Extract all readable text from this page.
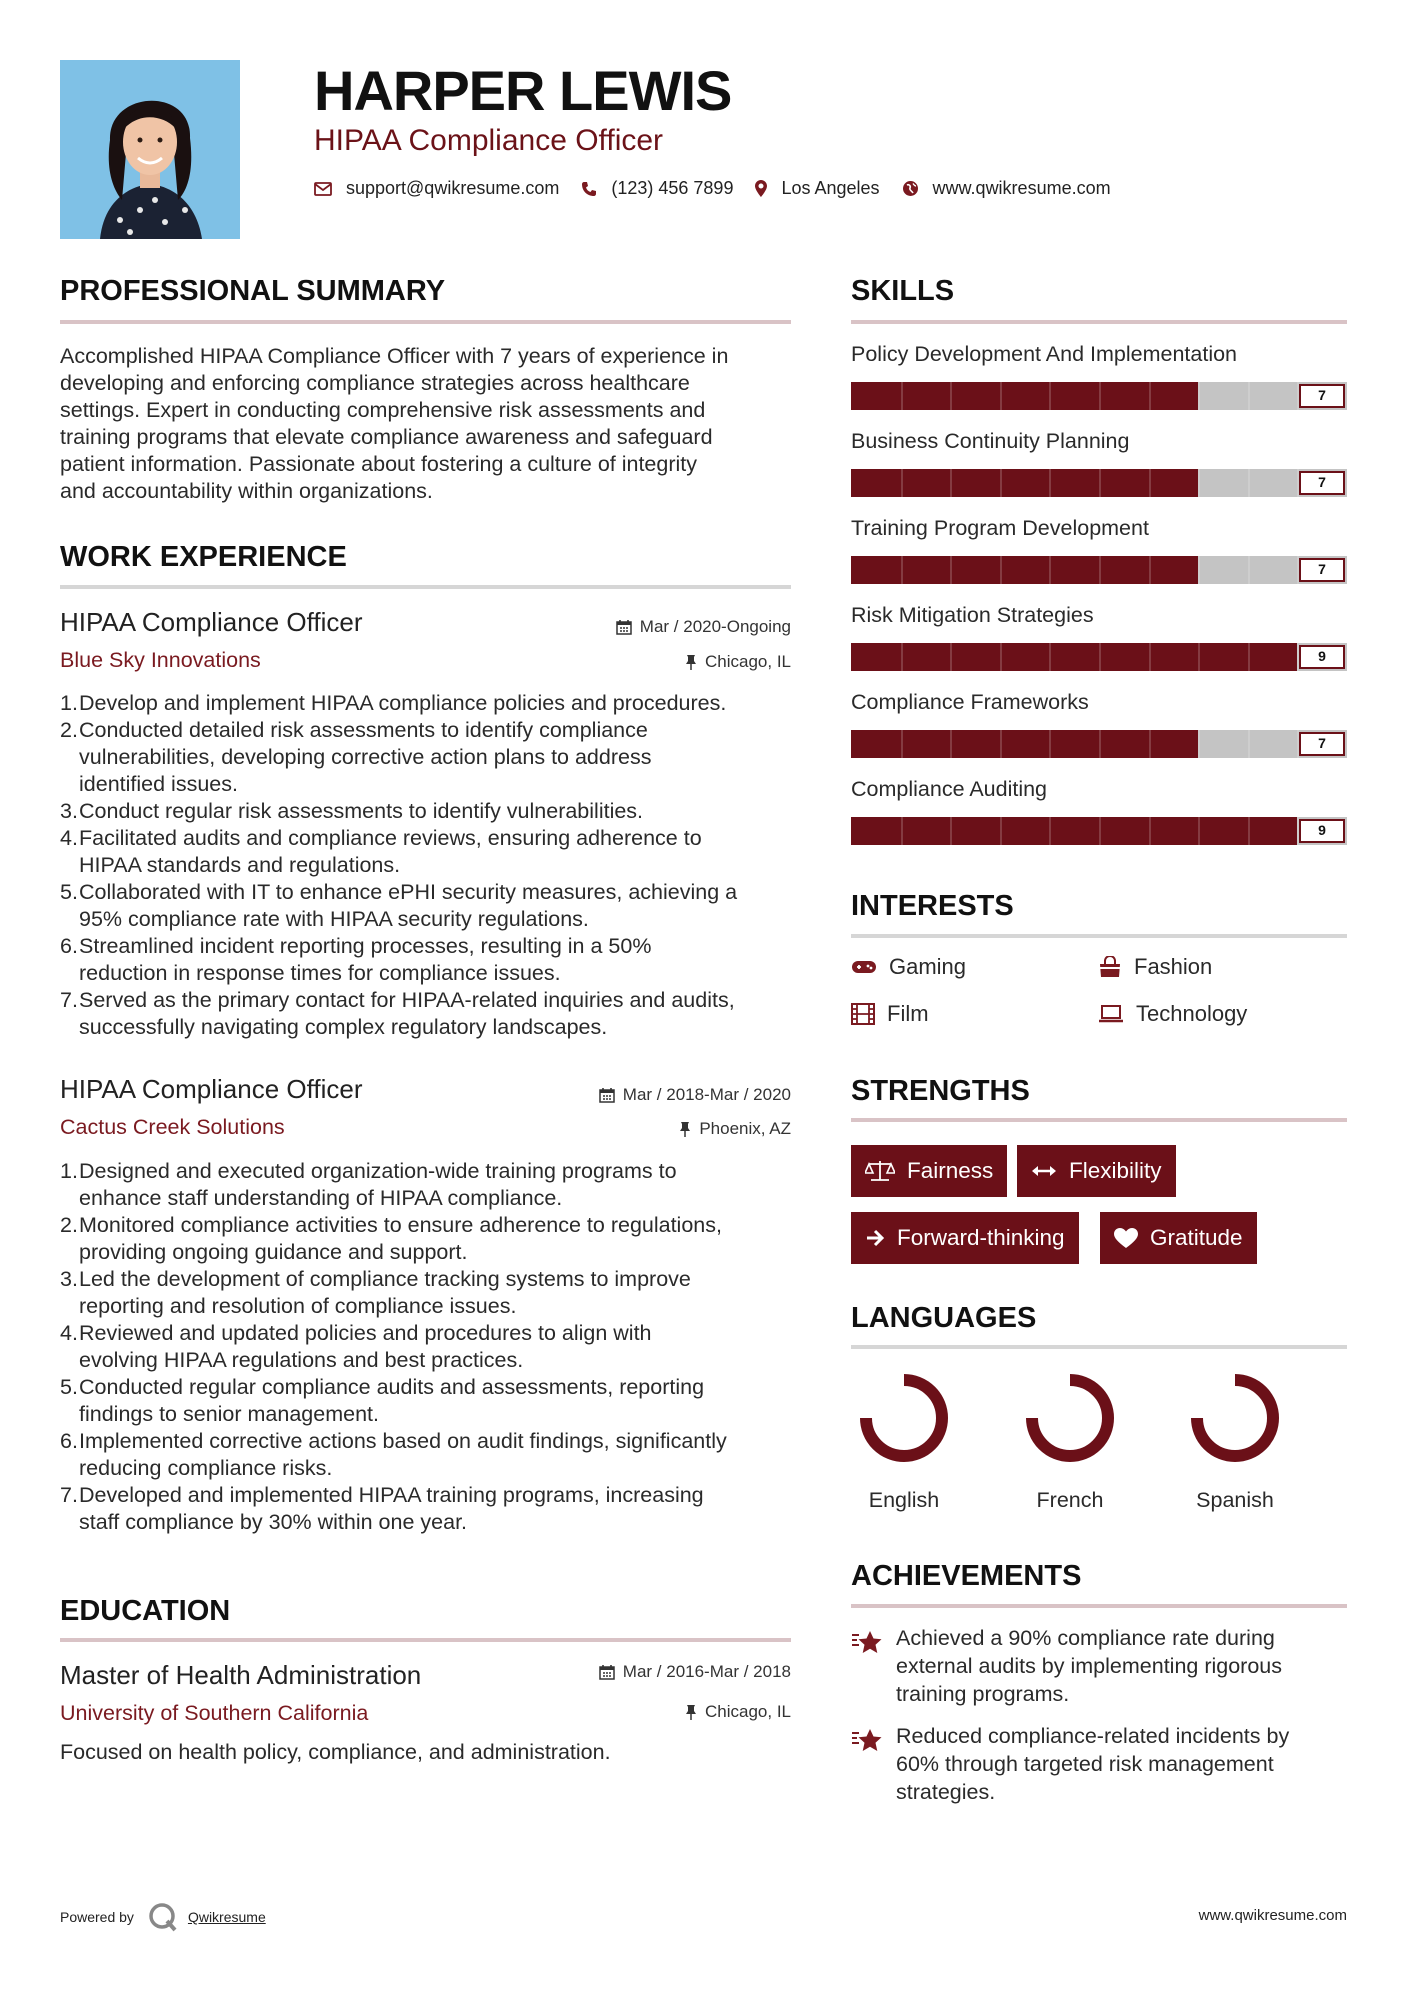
HARPER LEWIS
HIPAA Compliance Officer
support@qwikresume.com	(123) 456 7899	Los Angeles	www.qwikresume.com
PROFESSIONAL SUMMARY
Accomplished HIPAA Compliance Officer with 7 years of experience in
developing and enforcing compliance strategies across healthcare
settings. Expert in conducting comprehensive risk assessments and
training programs that elevate compliance awareness and safeguard
patient information. Passionate about fostering a culture of integrity
and accountability within organizations.
WORK EXPERIENCE
HIPAA Compliance Officer	Mar / 2020-Ongoing
Blue Sky Innovations	Chicago, IL
1. Develop and implement HIPAA compliance policies and procedures.
2. Conducted detailed risk assessments to identify compliance
vulnerabilities, developing corrective action plans to address
identified issues.
3. Conduct regular risk assessments to identify vulnerabilities.
4. Facilitated audits and compliance reviews, ensuring adherence to
HIPAA standards and regulations.
5. Collaborated with IT to enhance ePHI security measures, achieving a
95% compliance rate with HIPAA security regulations.
6. Streamlined incident reporting processes, resulting in a 50%
reduction in response times for compliance issues.
7. Served as the primary contact for HIPAA-related inquiries and audits,
successfully navigating complex regulatory landscapes.
HIPAA Compliance Officer	Mar / 2018-Mar / 2020
Cactus Creek Solutions	Phoenix, AZ
1. Designed and executed organization-wide training programs to
enhance staff understanding of HIPAA compliance.
2. Monitored compliance activities to ensure adherence to regulations,
providing ongoing guidance and support.
3. Led the development of compliance tracking systems to improve
reporting and resolution of compliance issues.
4. Reviewed and updated policies and procedures to align with
evolving HIPAA regulations and best practices.
5. Conducted regular compliance audits and assessments, reporting
findings to senior management.
6. Implemented corrective actions based on audit findings, significantly
reducing compliance risks.
7. Developed and implemented HIPAA training programs, increasing
staff compliance by 30% within one year.
EDUCATION
Master of Health Administration	Mar / 2016-Mar / 2018
University of Southern California	Chicago, IL
Focused on health policy, compliance, and administration.
SKILLS
Policy Development And Implementation
7
Business Continuity Planning
7
Training Program Development
7
Risk Mitigation Strategies
9
Compliance Frameworks
7
Compliance Auditing
9
INTERESTS
Gaming	Fashion
Film	Technology
STRENGTHS
Fairness	Flexibility
Forward-thinking	Gratitude
LANGUAGES
English	French	Spanish
ACHIEVEMENTS
Achieved a 90% compliance rate during
external audits by implementing rigorous
training programs.
Reduced compliance-related incidents by
60% through targeted risk management
strategies.
Powered by	Qwikresume	www.qwikresume.com
